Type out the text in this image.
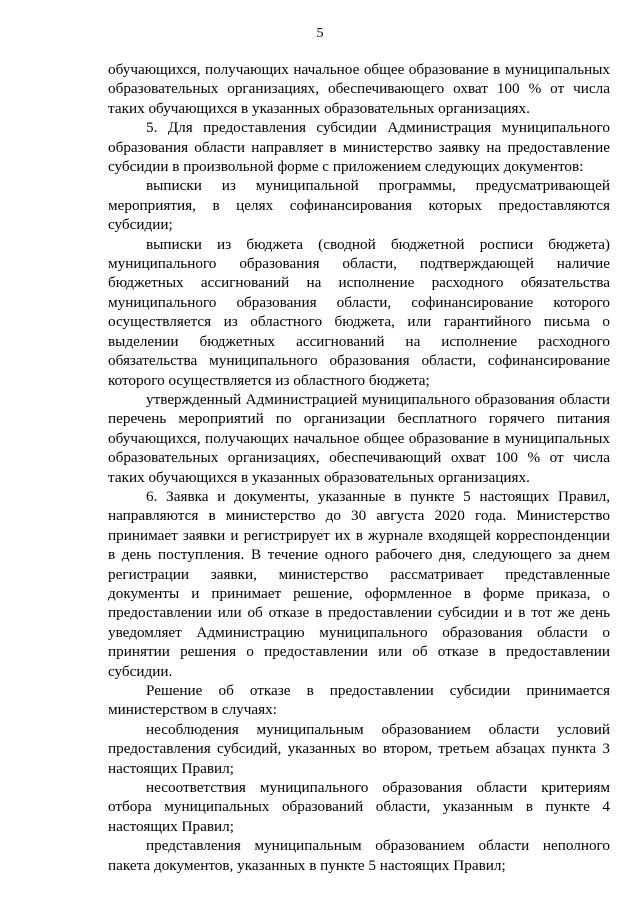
5

обучающихся, получающих начальное общее образование в муниципальных образовательных организациях, обеспечивающего охват 100 % от числа таких обучающихся в указанных образовательных организациях.

5. Для предоставления субсидии Администрация муниципального образования области направляет в министерство заявку на предоставление субсидии в произвольной форме с приложением следующих документов:

выписки из муниципальной программы, предусматривающей мероприятия, в целях софинансирования которых предоставляются субсидии;

выписки из бюджета (сводной бюджетной росписи бюджета) муниципального образования области, подтверждающей наличие бюджетных ассигнований на исполнение расходного обязательства муниципального образования области, софинансирование которого осуществляется из областного бюджета, или гарантийного письма о выделении бюджетных ассигнований на исполнение расходного обязательства муниципального образования области, софинансирование которого осуществляется из областного бюджета;

утвержденный Администрацией муниципального образования области перечень мероприятий по организации бесплатного горячего питания обучающихся, получающих начальное общее образование в муниципальных образовательных организациях, обеспечивающий охват 100 % от числа таких обучающихся в указанных образовательных организациях.

6. Заявка и документы, указанные в пункте 5 настоящих Правил, направляются в министерство до 30 августа 2020 года. Министерство принимает заявки и регистрирует их в журнале входящей корреспонденции в день поступления. В течение одного рабочего дня, следующего за днем регистрации заявки, министерство рассматривает представленные документы и принимает решение, оформленное в форме приказа, о предоставлении или об отказе в предоставлении субсидии и в тот же день уведомляет Администрацию муниципального образования области о принятии решения о предоставлении или об отказе в предоставлении субсидии.

Решение об отказе в предоставлении субсидии принимается министерством в случаях:

несоблюдения муниципальным образованием области условий предоставления субсидий, указанных во втором, третьем абзацах пункта 3 настоящих Правил;

несоответствия муниципального образования области критериям отбора муниципальных образований области, указанным в пункте 4 настоящих Правил;

представления муниципальным образованием области неполного пакета документов, указанных в пункте 5 настоящих Правил;
